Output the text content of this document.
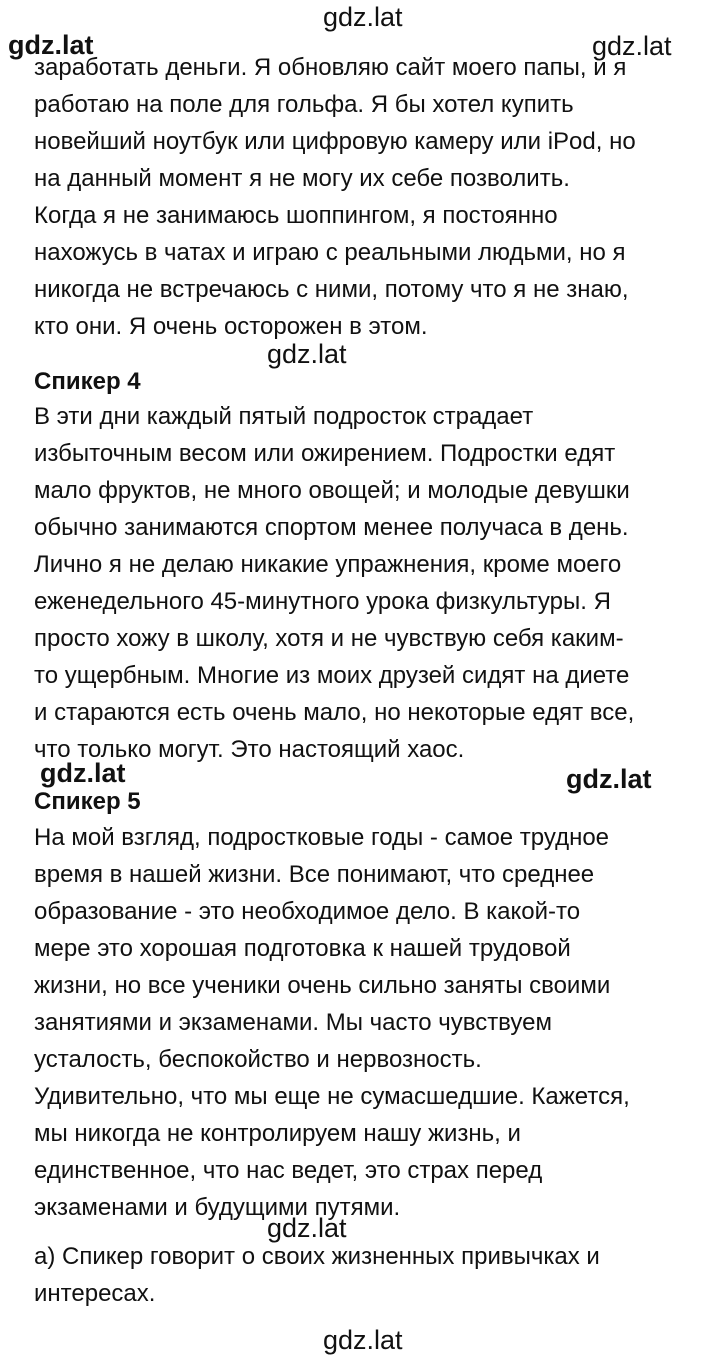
gdz.lat
gdz.lat	gdz.lat
gdz.lat
gdz.lat	gdz.lat
gdz.lat
gdz.lat
заработать деньги. Я обновляю сайт моего папы, и я
работаю на поле для гольфа. Я бы хотел купить
новейший ноутбук или цифровую камеру или iPod, но
на данный момент я не могу их себе позволить.
Когда я не занимаюсь шоппингом, я постоянно
нахожусь в чатах и играю с реальными людьми, но я
никогда не встречаюсь с ними, потому что я не знаю,
кто они. Я очень осторожен в этом.
Спикер 4
В эти дни каждый пятый подросток страдает
избыточным весом или ожирением. Подростки едят
мало фруктов, не много овощей; и молодые девушки
обычно занимаются спортом менее получаса в день.
Лично я не делаю никакие упражнения, кроме моего
еженедельного 45-минутного урока физкультуры. Я
просто хожу в школу, хотя и не чувствую себя каким-
то ущербным. Многие из моих друзей сидят на диете
и стараются есть очень мало, но некоторые едят все,
что только могут. Это настоящий хаос.
Спикер 5
На мой взгляд, подростковые годы - самое трудное
время в нашей жизни. Все понимают, что среднее
образование - это необходимое дело. В какой-то
мере это хорошая подготовка к нашей трудовой
жизни, но все ученики очень сильно заняты своими
занятиями и экзаменами. Мы часто чувствуем
усталость, беспокойство и нервозность.
Удивительно, что мы еще не сумасшедшие. Кажется,
мы никогда не контролируем нашу жизнь, и
единственное, что нас ведет, это страх перед
экзаменами и будущими путями.
а) Спикер говорит о своих жизненных привычках и
интересах.
